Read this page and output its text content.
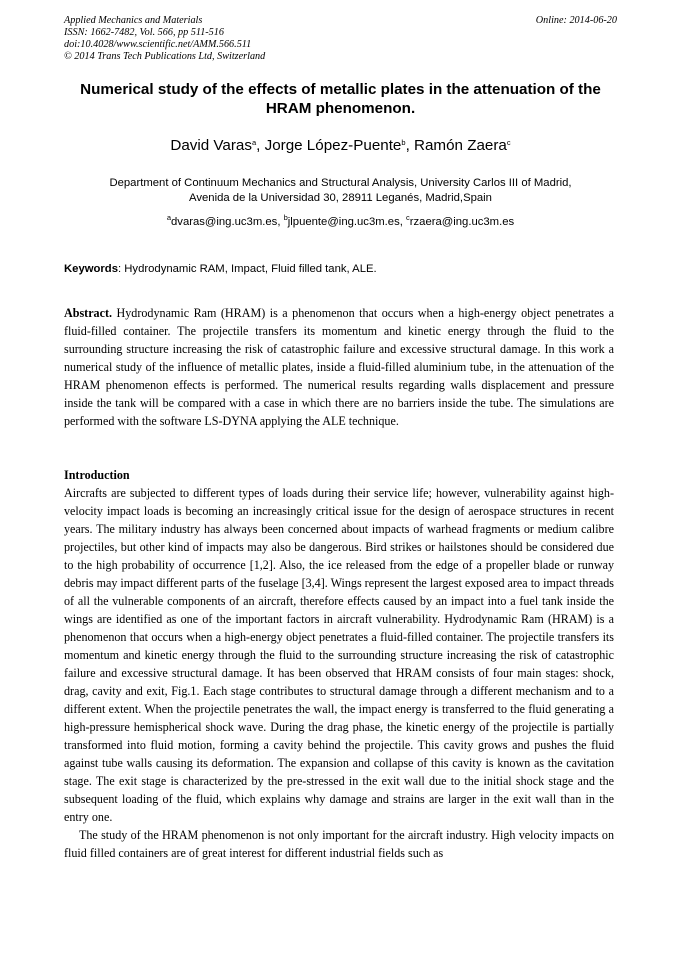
Applied Mechanics and Materials
ISSN: 1662-7482, Vol. 566, pp 511-516
doi:10.4028/www.scientific.net/AMM.566.511
© 2014 Trans Tech Publications Ltd, Switzerland
Online: 2014-06-20
Numerical study of the effects of metallic plates in the attenuation of the HRAM phenomenon.
David Varas$^a$, Jorge López-Puente$^b$, Ramón Zaera$^c$
Department of Continuum Mechanics and Structural Analysis, University Carlos III of Madrid,
Avenida de la Universidad 30, 28911 Leganés, Madrid,Spain
$^a$dvaras@ing.uc3m.es, $^b$jlpuente@ing.uc3m.es, $^c$rzaera@ing.uc3m.es
Keywords: Hydrodynamic RAM, Impact, Fluid filled tank, ALE.
Abstract. Hydrodynamic Ram (HRAM) is a phenomenon that occurs when a high-energy object penetrates a fluid-filled container. The projectile transfers its momentum and kinetic energy through the fluid to the surrounding structure increasing the risk of catastrophic failure and excessive structural damage. In this work a numerical study of the influence of metallic plates, inside a fluid-filled aluminium tube, in the attenuation of the HRAM phenomenon effects is performed. The numerical results regarding walls displacement and pressure inside the tank will be compared with a case in which there are no barriers inside the tube. The simulations are performed with the software LS-DYNA applying the ALE technique.
Introduction

Aircrafts are subjected to different types of loads during their service life; however, vulnerability against high-velocity impact loads is becoming an increasingly critical issue for the design of aerospace structures in recent years. The military industry has always been concerned about impacts of warhead fragments or medium calibre projectiles, but other kind of impacts may also be dangerous. Bird strikes or hailstones should be considered due to the high probability of occurrence [1,2]. Also, the ice released from the edge of a propeller blade or runway debris may impact different parts of the fuselage [3,4]. Wings represent the largest exposed area to impact threads of all the vulnerable components of an aircraft, therefore effects caused by an impact into a fuel tank inside the wings are identified as one of the important factors in aircraft vulnerability. Hydrodynamic Ram (HRAM) is a phenomenon that occurs when a high-energy object penetrates a fluid-filled container. The projectile transfers its momentum and kinetic energy through the fluid to the surrounding structure increasing the risk of catastrophic failure and excessive structural damage. It has been observed that HRAM consists of four main stages: shock, drag, cavity and exit, Fig.1. Each stage contributes to structural damage through a different mechanism and to a different extent. When the projectile penetrates the wall, the impact energy is transferred to the fluid generating a high-pressure hemispherical shock wave. During the drag phase, the kinetic energy of the projectile is partially transformed into fluid motion, forming a cavity behind the projectile. This cavity grows and pushes the fluid against tube walls causing its deformation. The expansion and collapse of this cavity is known as the cavitation stage. The exit stage is characterized by the pre-stressed in the exit wall due to the initial shock stage and the subsequent loading of the fluid, which explains why damage and strains are larger in the exit wall than in the entry one.

The study of the HRAM phenomenon is not only important for the aircraft industry. High velocity impacts on fluid filled containers are of great interest for different industrial fields such as
